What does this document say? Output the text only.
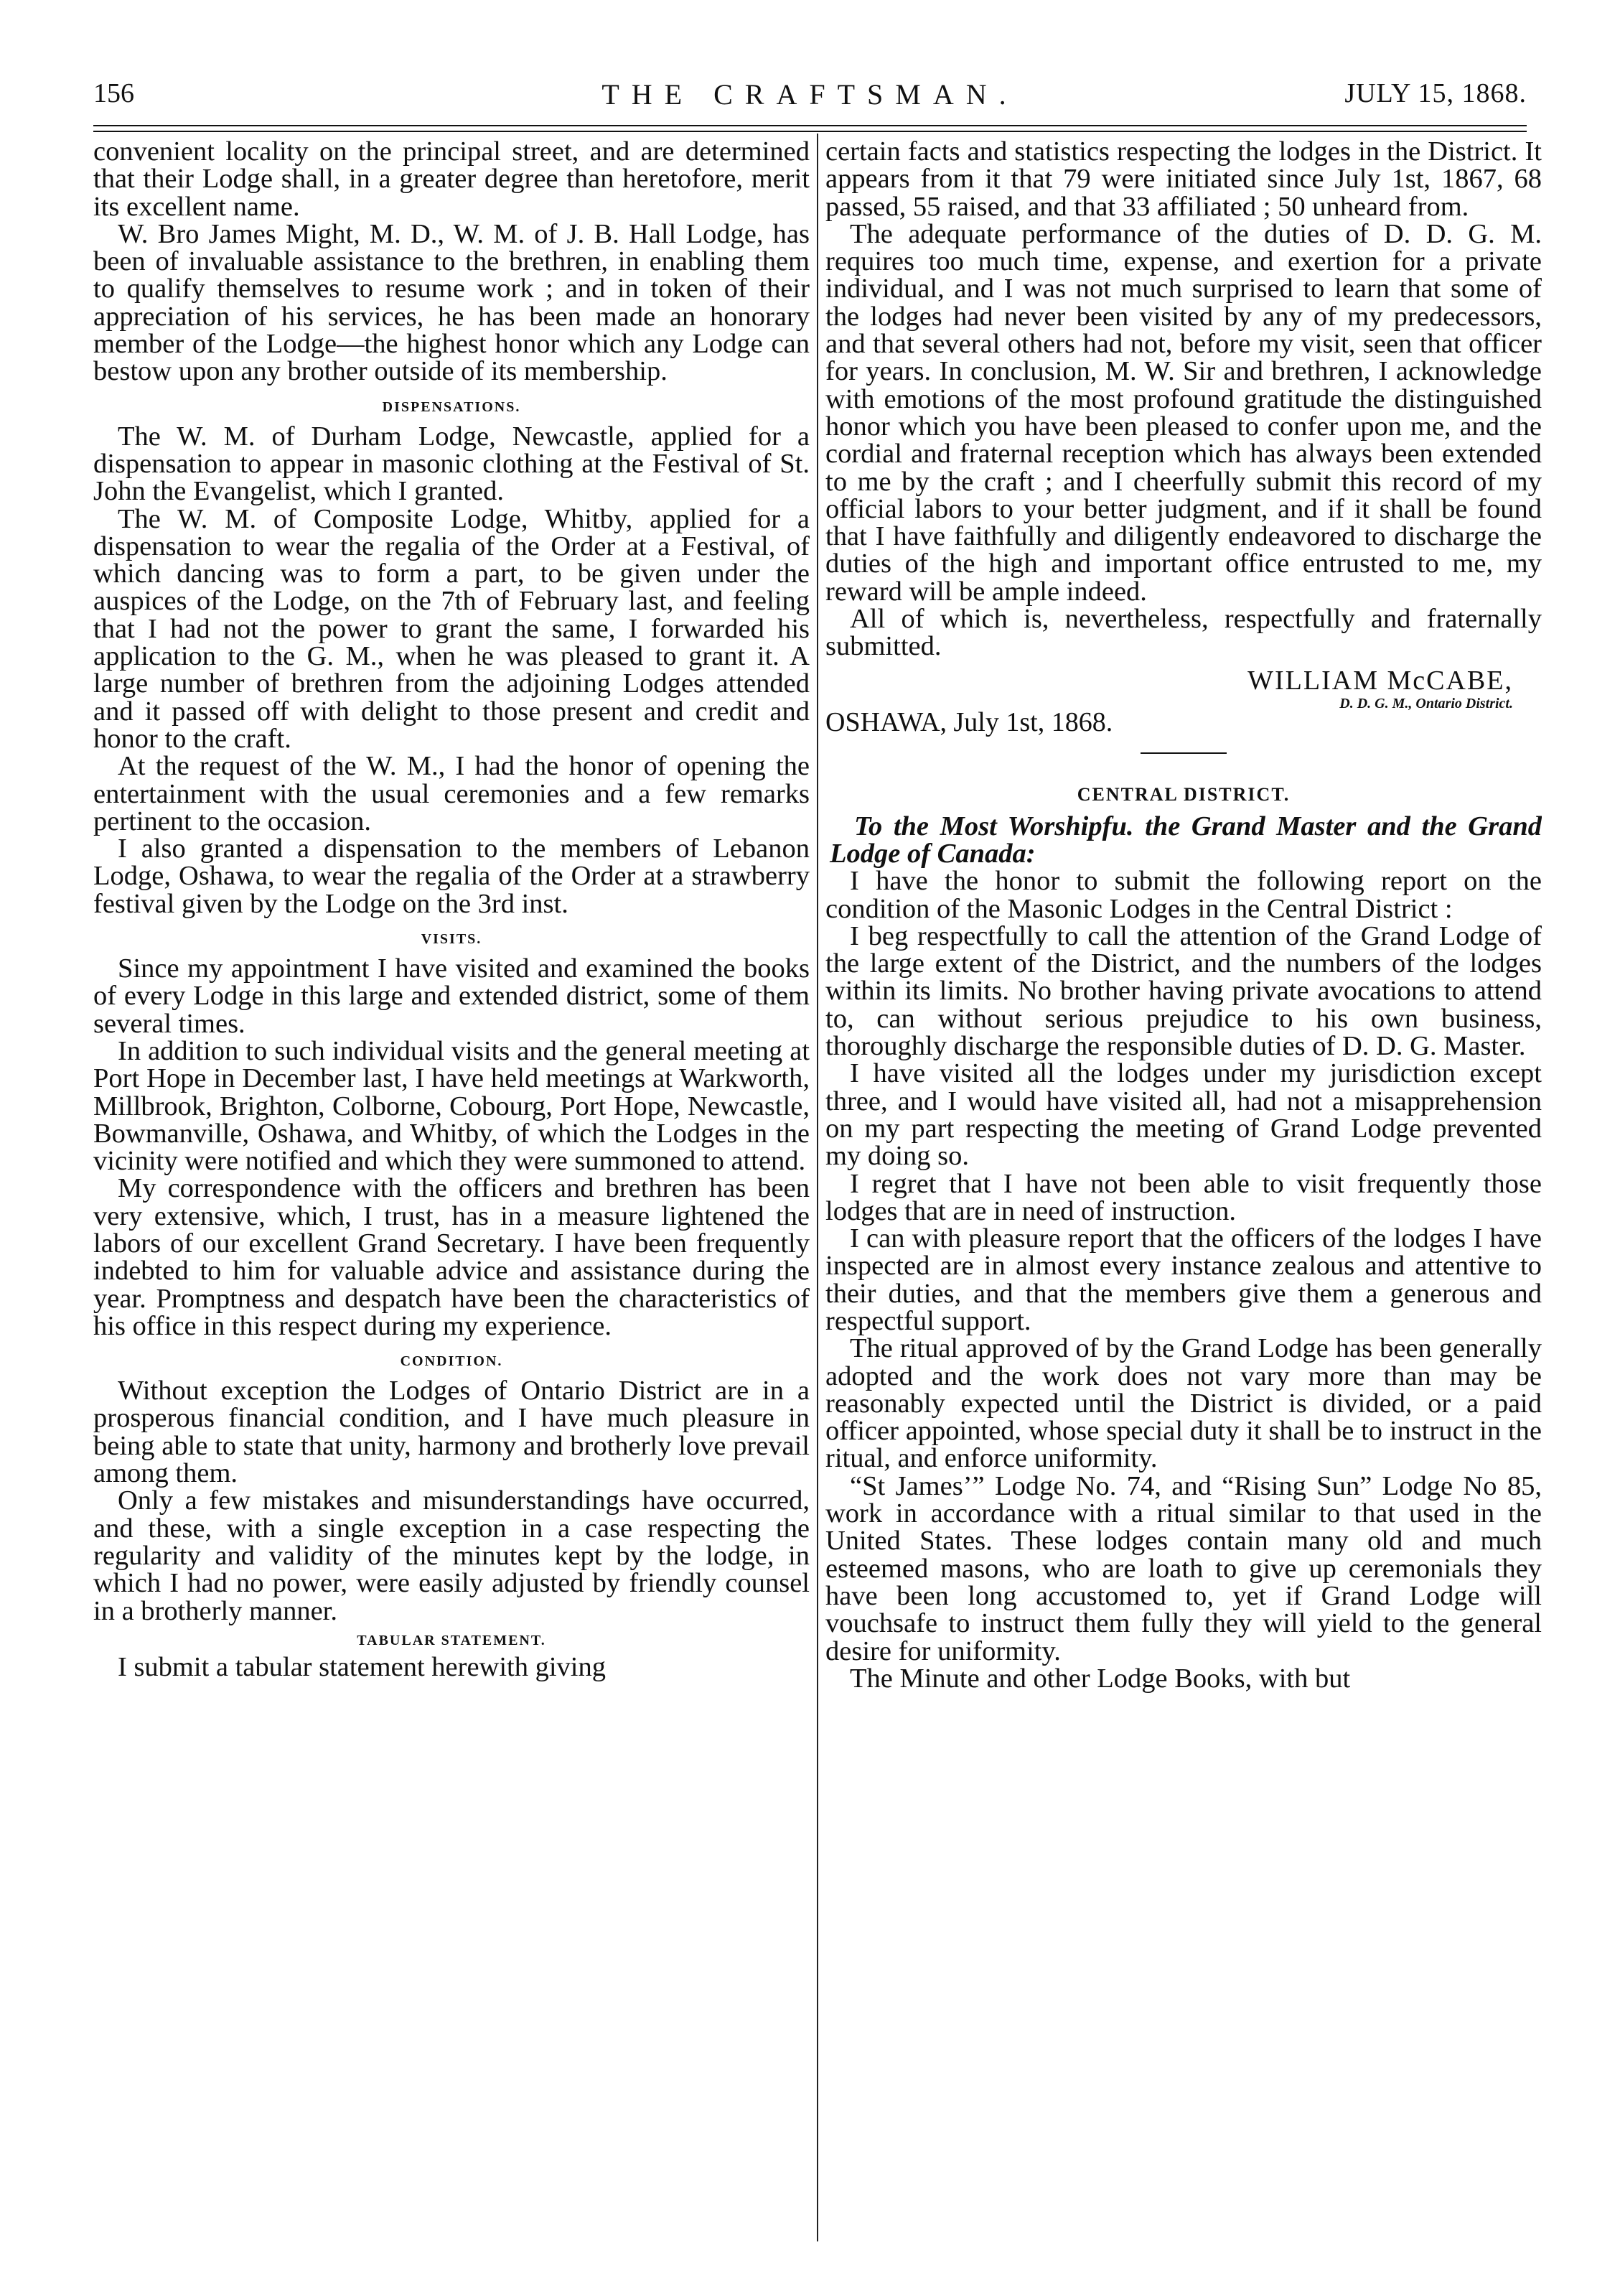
156	THE CRAFTSMAN.	JULY 15, 1868.

convenient locality on the principal street, and are determined that their Lodge shall, in a greater degree than heretofore, merit its excellent name.

W. Bro James Might, M. D., W. M. of J. B. Hall Lodge, has been of invaluable assistance to the brethren, in enabling them to qualify themselves to resume work ; and in token of their appreciation of his services, he has been made an honorary member of the Lodge—the highest honor which any Lodge can bestow upon any brother outside of its membership.

DISPENSATIONS.

The W. M. of Durham Lodge, Newcastle, applied for a dispensation to appear in masonic clothing at the Festival of St. John the Evangelist, which I granted.

The W. M. of Composite Lodge, Whitby, applied for a dispensation to wear the regalia of the Order at a Festival, of which dancing was to form a part, to be given under the auspices of the Lodge, on the 7th of February last, and feeling that I had not the power to grant the same, I forwarded his application to the G. M., when he was pleased to grant it. A large number of brethren from the adjoining Lodges attended and it passed off with delight to those present and credit and honor to the craft.

At the request of the W. M., I had the honor of opening the entertainment with the usual ceremonies and a few remarks pertinent to the occasion.

I also granted a dispensation to the members of Lebanon Lodge, Oshawa, to wear the regalia of the Order at a strawberry festival given by the Lodge on the 3rd inst.

VISITS.

Since my appointment I have visited and examined the books of every Lodge in this large and extended district, some of them several times.

In addition to such individual visits and the general meeting at Port Hope in December last, I have held meetings at Warkworth, Millbrook, Brighton, Colborne, Cobourg, Port Hope, Newcastle, Bowmanville, Oshawa, and Whitby, of which the Lodges in the vicinity were notified and which they were summoned to attend.

My correspondence with the officers and brethren has been very extensive, which, I trust, has in a measure lightened the labors of our excellent Grand Secretary. I have been frequently indebted to him for valuable advice and assistance during the year. Promptness and despatch have been the characteristics of his office in this respect during my experience.

CONDITION.

Without exception the Lodges of Ontario District are in a prosperous financial condition, and I have much pleasure in being able to state that unity, harmony and brotherly love prevail among them.

Only a few mistakes and misunderstandings have occurred, and these, with a single exception in a case respecting the regularity and validity of the minutes kept by the lodge, in which I had no power, were easily adjusted by friendly counsel in a brotherly manner.

TABULAR STATEMENT.

I submit a tabular statement herewith giving

certain facts and statistics respecting the lodges in the District. It appears from it that 79 were initiated since July 1st, 1867, 68 passed, 55 raised, and that 33 affiliated ; 50 unheard from.

The adequate performance of the duties of D. D. G. M. requires too much time, expense, and exertion for a private individual, and I was not much surprised to learn that some of the lodges had never been visited by any of my predecessors, and that several others had not, before my visit, seen that officer for years. In conclusion, M. W. Sir and brethren, I acknowledge with emotions of the most profound gratitude the distinguished honor which you have been pleased to confer upon me, and the cordial and fraternal reception which has always been extended to me by the craft ; and I cheerfully submit this record of my official labors to your better judgment, and if it shall be found that I have faithfully and diligently endeavored to discharge the duties of the high and important office entrusted to me, my reward will be ample indeed.

All of which is, nevertheless, respectfully and fraternally submitted.

WILLIAM McCABE,
D. D. G. M., Ontario District.
OSHAWA, July 1st, 1868.
CENTRAL DISTRICT.

To the Most Worshipfu. the Grand Master and the Grand Lodge of Canada:

I have the honor to submit the following report on the condition of the Masonic Lodges in the Central District :

I beg respectfully to call the attention of the Grand Lodge of the large extent of the District, and the numbers of the lodges within its limits. No brother having private avocations to attend to, can without serious prejudice to his own business, thoroughly discharge the responsible duties of D. D. G. Master.

I have visited all the lodges under my jurisdiction except three, and I would have visited all, had not a misapprehension on my part respecting the meeting of Grand Lodge prevented my doing so.

I regret that I have not been able to visit frequently those lodges that are in need of instruction.

I can with pleasure report that the officers of the lodges I have inspected are in almost every instance zealous and attentive to their duties, and that the members give them a generous and respectful support.

The ritual approved of by the Grand Lodge has been generally adopted and the work does not vary more than may be reasonably expected until the District is divided, or a paid officer appointed, whose special duty it shall be to instruct in the ritual, and enforce uniformity.

“St James’” Lodge No. 74, and “Rising Sun” Lodge No 85, work in accordance with a ritual similar to that used in the United States. These lodges contain many old and much esteemed masons, who are loath to give up ceremonials they have been long accustomed to, yet if Grand Lodge will vouchsafe to instruct them fully they will yield to the general desire for uniformity.

The Minute and other Lodge Books, with but
